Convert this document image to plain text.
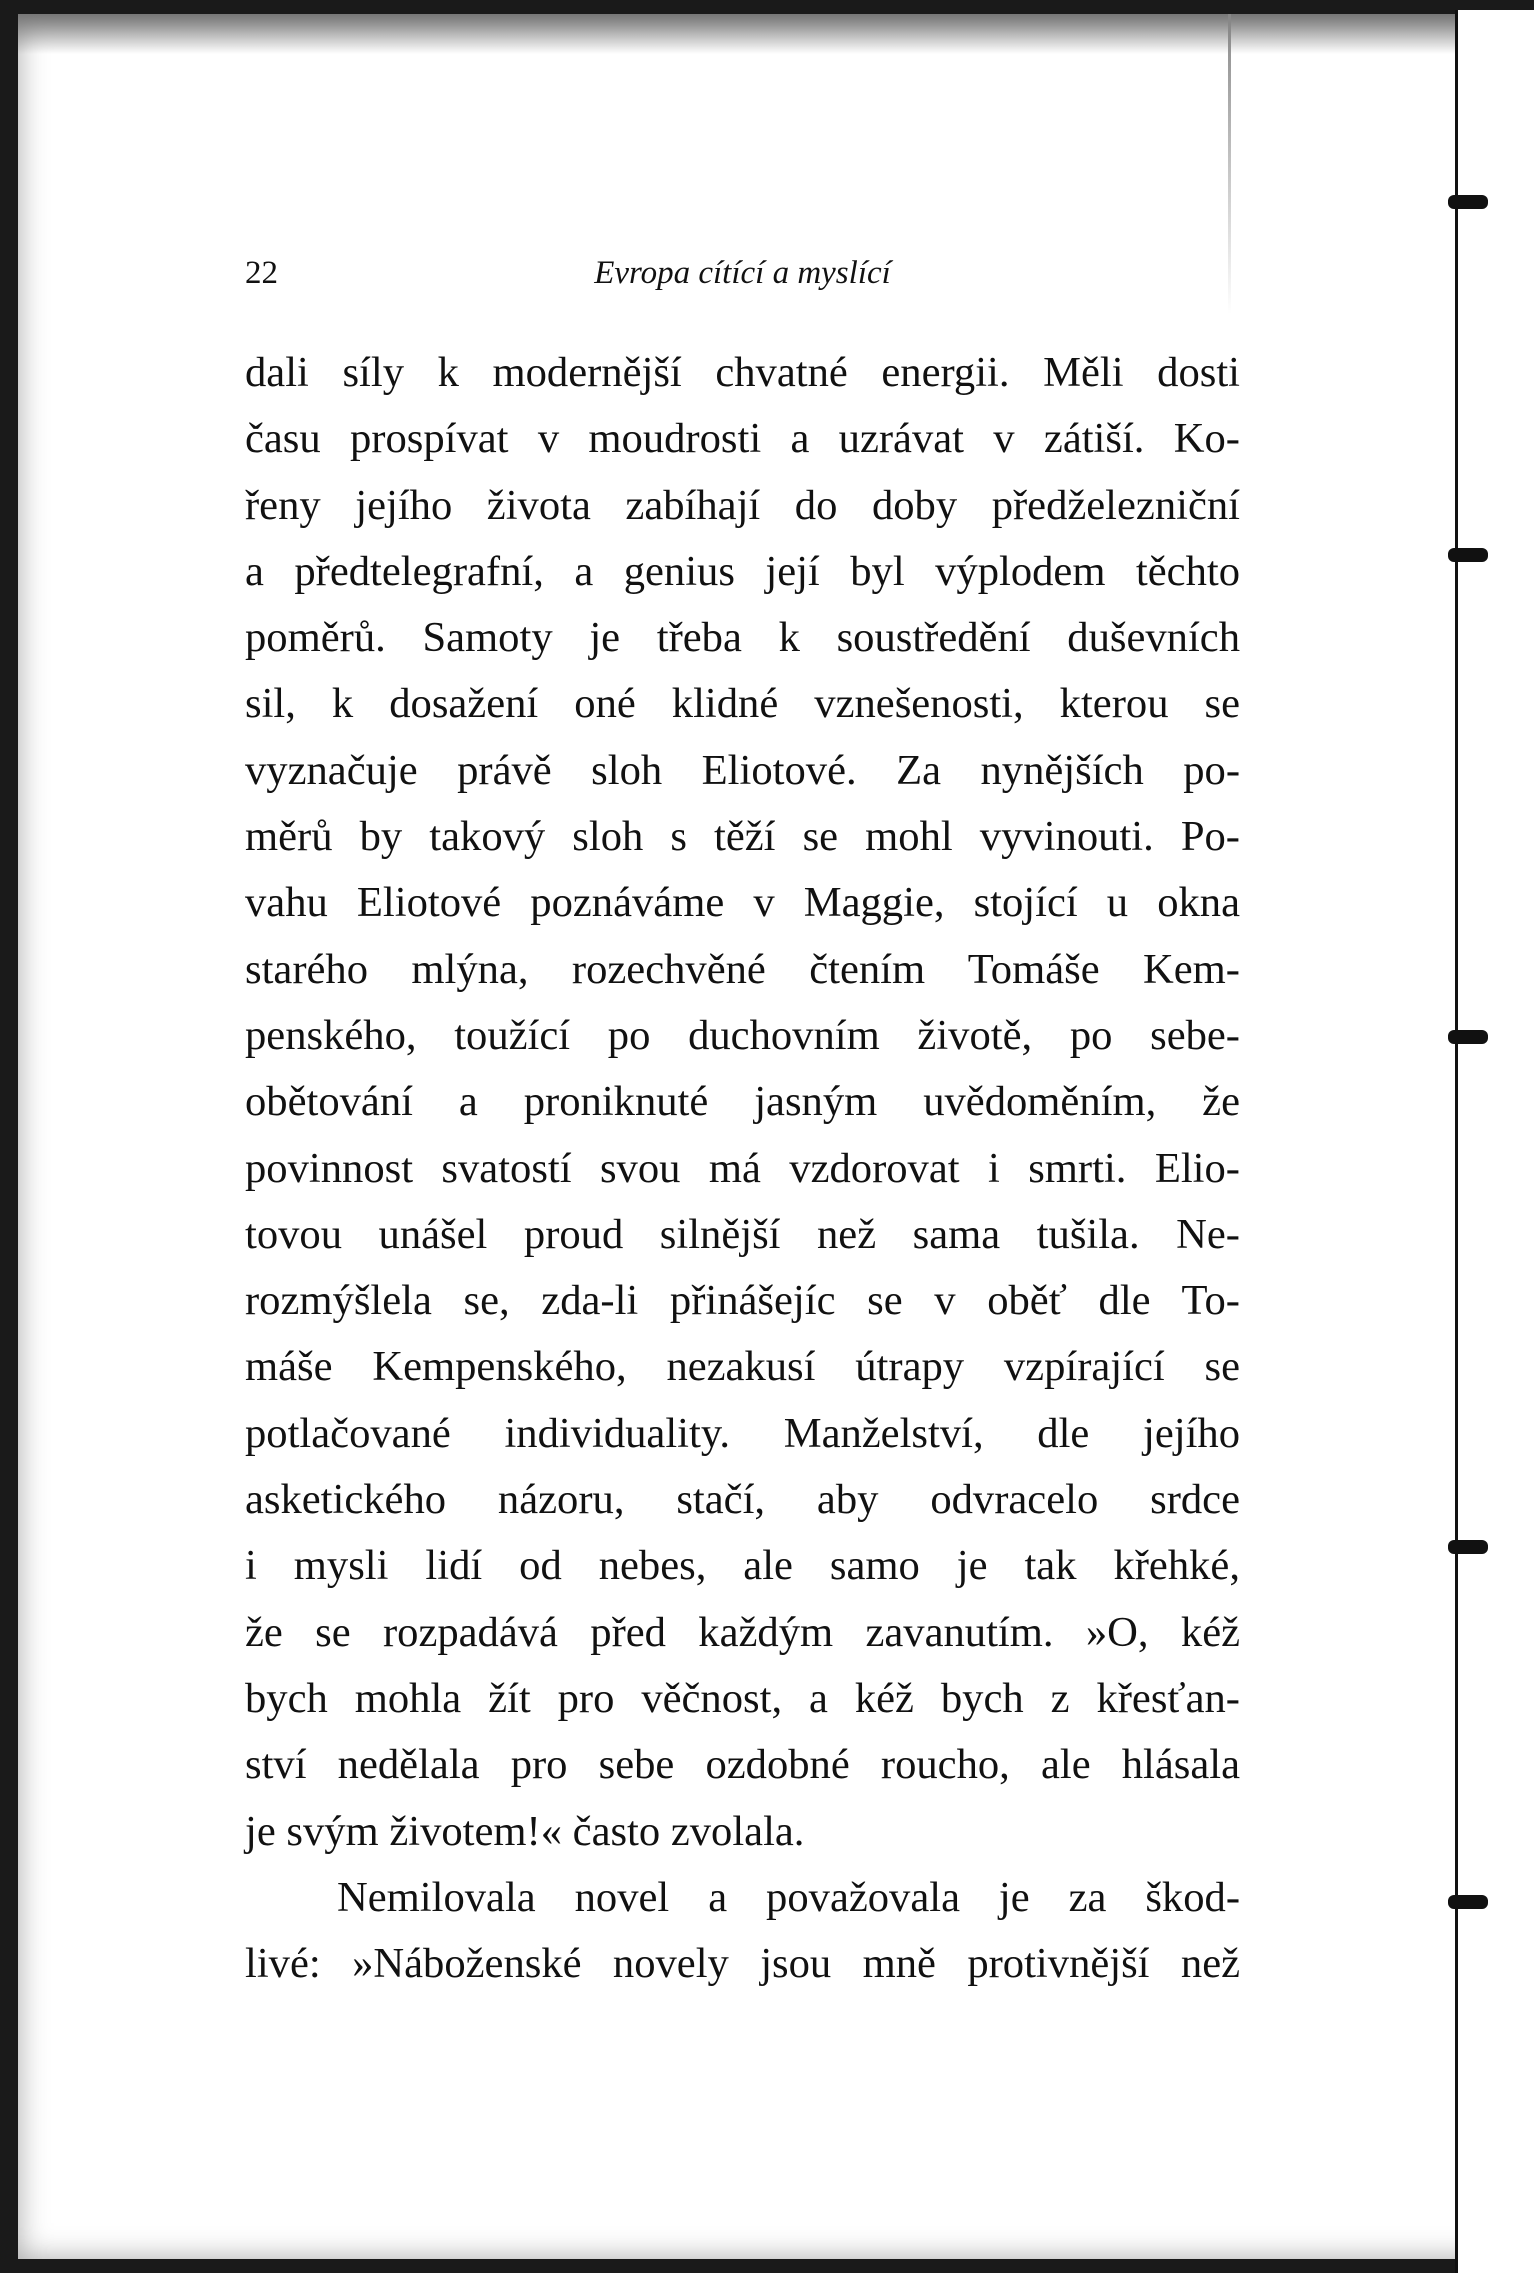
22	Evropa cítící a myslící
dali síly k modernější chvatné energii. Měli dosti
času prospívat v moudrosti a uzrávat v zátiší. Ko-
řeny jejího života zabíhají do doby předželezniční
a předtelegrafní, a genius její byl výplodem těchto
poměrů. Samoty je třeba k soustředění duševních
sil, k dosažení oné klidné vznešenosti, kterou se
vyznačuje právě sloh Eliotové. Za nynějších po-
měrů by takový sloh s těží se mohl vyvinouti. Po-
vahu Eliotové poznáváme v Maggie, stojící u okna
starého mlýna, rozechvěné čtením Tomáše Kem-
penského, toužící po duchovním životě, po sebe-
obětování a proniknuté jasným uvědoměním, že
povinnost svatostí svou má vzdorovat i smrti. Elio-
tovou unášel proud silnější než sama tušila. Ne-
rozmýšlela se, zda-li přinášejíc se v oběť dle To-
máše Kempenského, nezakusí útrapy vzpírající se
potlačované individuality. Manželství, dle jejího
asketického názoru, stačí, aby odvracelo srdce
i mysli lidí od nebes, ale samo je tak křehké,
že se rozpadává před každým zavanutím. »O, kéž
bych mohla žít pro věčnost, a kéž bych z křesťan-
ství nedělala pro sebe ozdobné roucho, ale hlásala
je svým životem!« často zvolala.
Nemilovala novel a považovala je za škod-
livé: »Náboženské novely jsou mně protivnější než
